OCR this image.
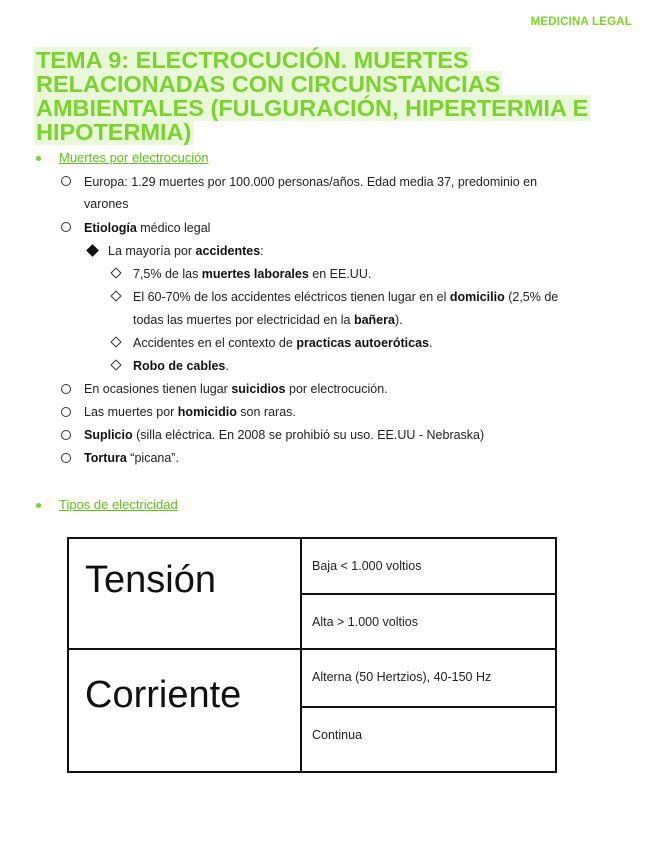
MEDICINA LEGAL
TEMA 9: ELECTROCUCIÓN. MUERTES RELACIONADAS CON CIRCUNSTANCIAS AMBIENTALES (FULGURACIÓN, HIPERTERMIA E HIPOTERMIA)
Muertes por electrocución
Europa: 1.29 muertes por 100.000 personas/años. Edad media 37, predominio en
varones
Etiología médico legal
La mayoría por accidentes:
7,5% de las muertes laborales en EE.UU.
El 60-70% de los accidentes eléctricos tienen lugar en el domicilio (2,5% de
todas las muertes por electricidad en la bañera).
Accidentes en el contexto de practicas autoeróticas.
Robo de cables.
En ocasiones tienen lugar suicidios por electrocución.
Las muertes por homicidio son raras.
Suplicio (silla eléctrica. En 2008 se prohibió su uso. EE.UU - Nebraska)
Tortura “picana”.
Tipos de electricidad
Tensión	Baja < 1.000 voltios
	Alta > 1.000 voltios
Corriente	Alterna (50 Hertzios), 40-150 Hz
	Continua
